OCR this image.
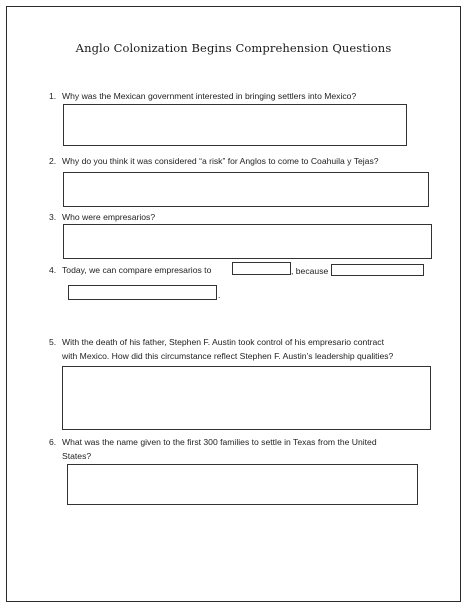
Anglo Colonization Begins Comprehension Questions
1. Why was the Mexican government interested in bringing settlers into Mexico?
2. Why do you think it was considered “a risk” for Anglos to come to Coahuila y Tejas?
3. Who were empresarios?
4. Today, we can compare empresarios to	, because
.
5. With the death of his father, Stephen F. Austin took control of his empresario contract
with Mexico. How did this circumstance reflect Stephen F. Austin’s leadership qualities?
6. What was the name given to the first 300 families to settle in Texas from the United
States?
